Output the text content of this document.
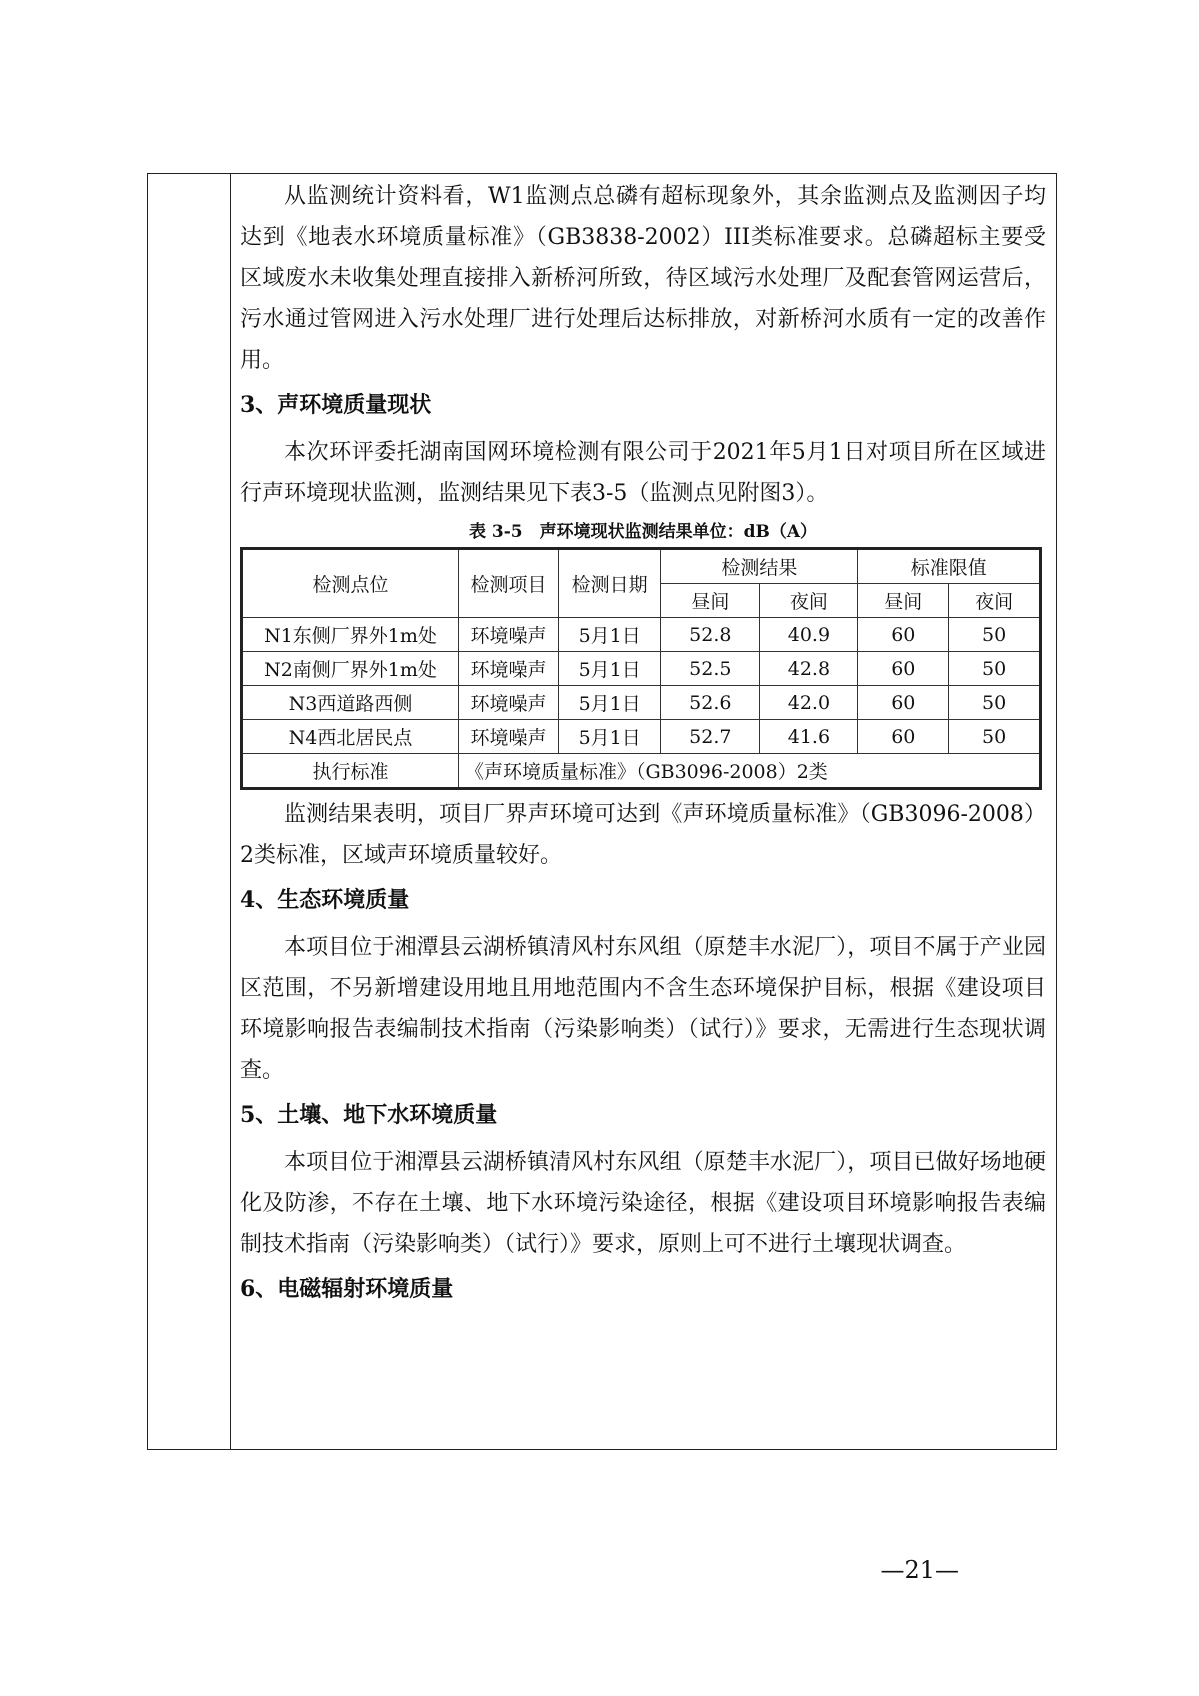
从监测统计资料看，W1监测点总磷有超标现象外，其余监测点及监测因子均达到《地表水环境质量标准》（GB3838-2002）III类标准要求。总磷超标主要受区域废水未收集处理直接排入新桥河所致，待区域污水处理厂及配套管网运营后，污水通过管网进入污水处理厂进行处理后达标排放，对新桥河水质有一定的改善作用。

3、声环境质量现状

本次环评委托湖南国网环境检测有限公司于2021年5月1日对项目所在区域进行声环境现状监测，监测结果见下表3-5（监测点见附图3）。

表 3-5　声环境现状监测结果单位：dB（A）
检测点位	检测项目	检测日期	检测结果		标准限值	
			昼间	夜间	昼间	夜间
N1东侧厂界外1m处	环境噪声	5月1日	52.8	40.9	60	50
N2南侧厂界外1m处	环境噪声	5月1日	52.5	42.8	60	50
N3西道路西侧	环境噪声	5月1日	52.6	42.0	60	50
N4西北居民点	环境噪声	5月1日	52.7	41.6	60	50
执行标准	《声环境质量标准》（GB3096-2008）2类					

监测结果表明，项目厂界声环境可达到《声环境质量标准》（GB3096-2008）2类标准，区域声环境质量较好。

4、生态环境质量

本项目位于湘潭县云湖桥镇清风村东风组（原楚丰水泥厂），项目不属于产业园区范围，不另新增建设用地且用地范围内不含生态环境保护目标，根据《建设项目环境影响报告表编制技术指南（污染影响类）（试行）》要求，无需进行生态现状调查。

5、土壤、地下水环境质量

本项目位于湘潭县云湖桥镇清风村东风组（原楚丰水泥厂），项目已做好场地硬化及防渗，不存在土壤、地下水环境污染途径，根据《建设项目环境影响报告表编制技术指南（污染影响类）（试行）》要求，原则上可不进行土壤现状调查。

6、电磁辐射环境质量

—21—
